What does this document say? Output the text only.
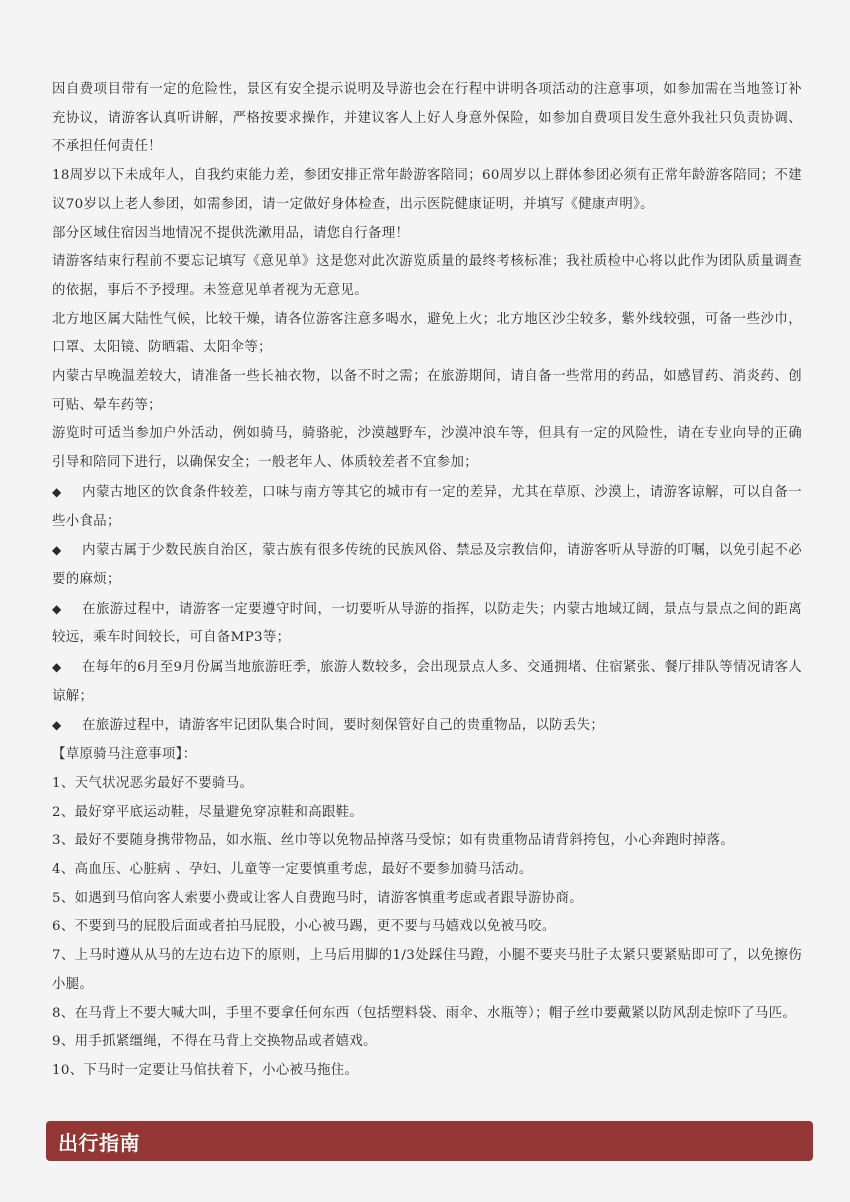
因自费项目带有一定的危险性，景区有安全提示说明及导游也会在行程中讲明各项活动的注意事项，如参加需在当地签订补充协议，请游客认真听讲解，严格按要求操作，并建议客人上好人身意外保险，如参加自费项目发生意外我社只负责协调、不承担任何责任！

18周岁以下未成年人，自我约束能力差，参团安排正常年龄游客陪同；60周岁以上群体参团必须有正常年龄游客陪同；不建议70岁以上老人参团，如需参团，请一定做好身体检查，出示医院健康证明，并填写《健康声明》。

部分区域住宿因当地情况不提供洗漱用品，请您自行备理！

请游客结束行程前不要忘记填写《意见单》这是您对此次游览质量的最终考核标准；我社质检中心将以此作为团队质量调查的依据，事后不予授理。未签意见单者视为无意见。

北方地区属大陆性气候，比较干燥，请各位游客注意多喝水，避免上火；北方地区沙尘较多，紫外线较强，可备一些沙巾，口罩、太阳镜、防晒霜、太阳伞等；

内蒙古早晚温差较大，请准备一些长袖衣物，以备不时之需；在旅游期间，请自备一些常用的药品，如感冒药、消炎药、创可贴、晕车药等；

游览时可适当参加户外活动，例如骑马，骑骆驼，沙漠越野车，沙漠冲浪车等，但具有一定的风险性，请在专业向导的正确引导和陪同下进行，以确保安全；一般老年人、体质较差者不宜参加；

◆ 内蒙古地区的饮食条件较差，口味与南方等其它的城市有一定的差异，尤其在草原、沙漠上，请游客谅解，可以自备一些小食品；

◆ 内蒙古属于少数民族自治区，蒙古族有很多传统的民族风俗、禁忌及宗教信仰，请游客听从导游的叮嘱，以免引起不必要的麻烦；

◆ 在旅游过程中，请游客一定要遵守时间，一切要听从导游的指挥，以防走失；内蒙古地域辽阔，景点与景点之间的距离较远，乘车时间较长，可自备MP3等；

◆ 在每年的6月至9月份属当地旅游旺季，旅游人数较多，会出现景点人多、交通拥堵、住宿紧张、餐厅排队等情况请客人谅解；

◆ 在旅游过程中，请游客牢记团队集合时间，要时刻保管好自己的贵重物品，以防丢失；

【草原骑马注意事项】：

1、天气状况恶劣最好不要骑马。

2、最好穿平底运动鞋，尽量避免穿凉鞋和高跟鞋。

3、最好不要随身携带物品，如水瓶、丝巾等以免物品掉落马受惊；如有贵重物品请背斜挎包，小心奔跑时掉落。

4、高血压、心脏病 、孕妇、儿童等一定要慎重考虑，最好不要参加骑马活动。

5、如遇到马倌向客人索要小费或让客人自费跑马时，请游客慎重考虑或者跟导游协商。

6、不要到马的屁股后面或者拍马屁股，小心被马踢，更不要与马嬉戏以免被马咬。

7、上马时遵从从马的左边右边下的原则，上马后用脚的1/3处踩住马蹬，小腿不要夹马肚子太紧只要紧贴即可了，以免擦伤小腿。

8、在马背上不要大喊大叫，手里不要拿任何东西（包括塑料袋、雨伞、水瓶等）；帽子丝巾要戴紧以防风刮走惊吓了马匹。

9、用手抓紧缰绳，不得在马背上交换物品或者嬉戏。

10、下马时一定要让马倌扶着下，小心被马拖住。

出行指南
